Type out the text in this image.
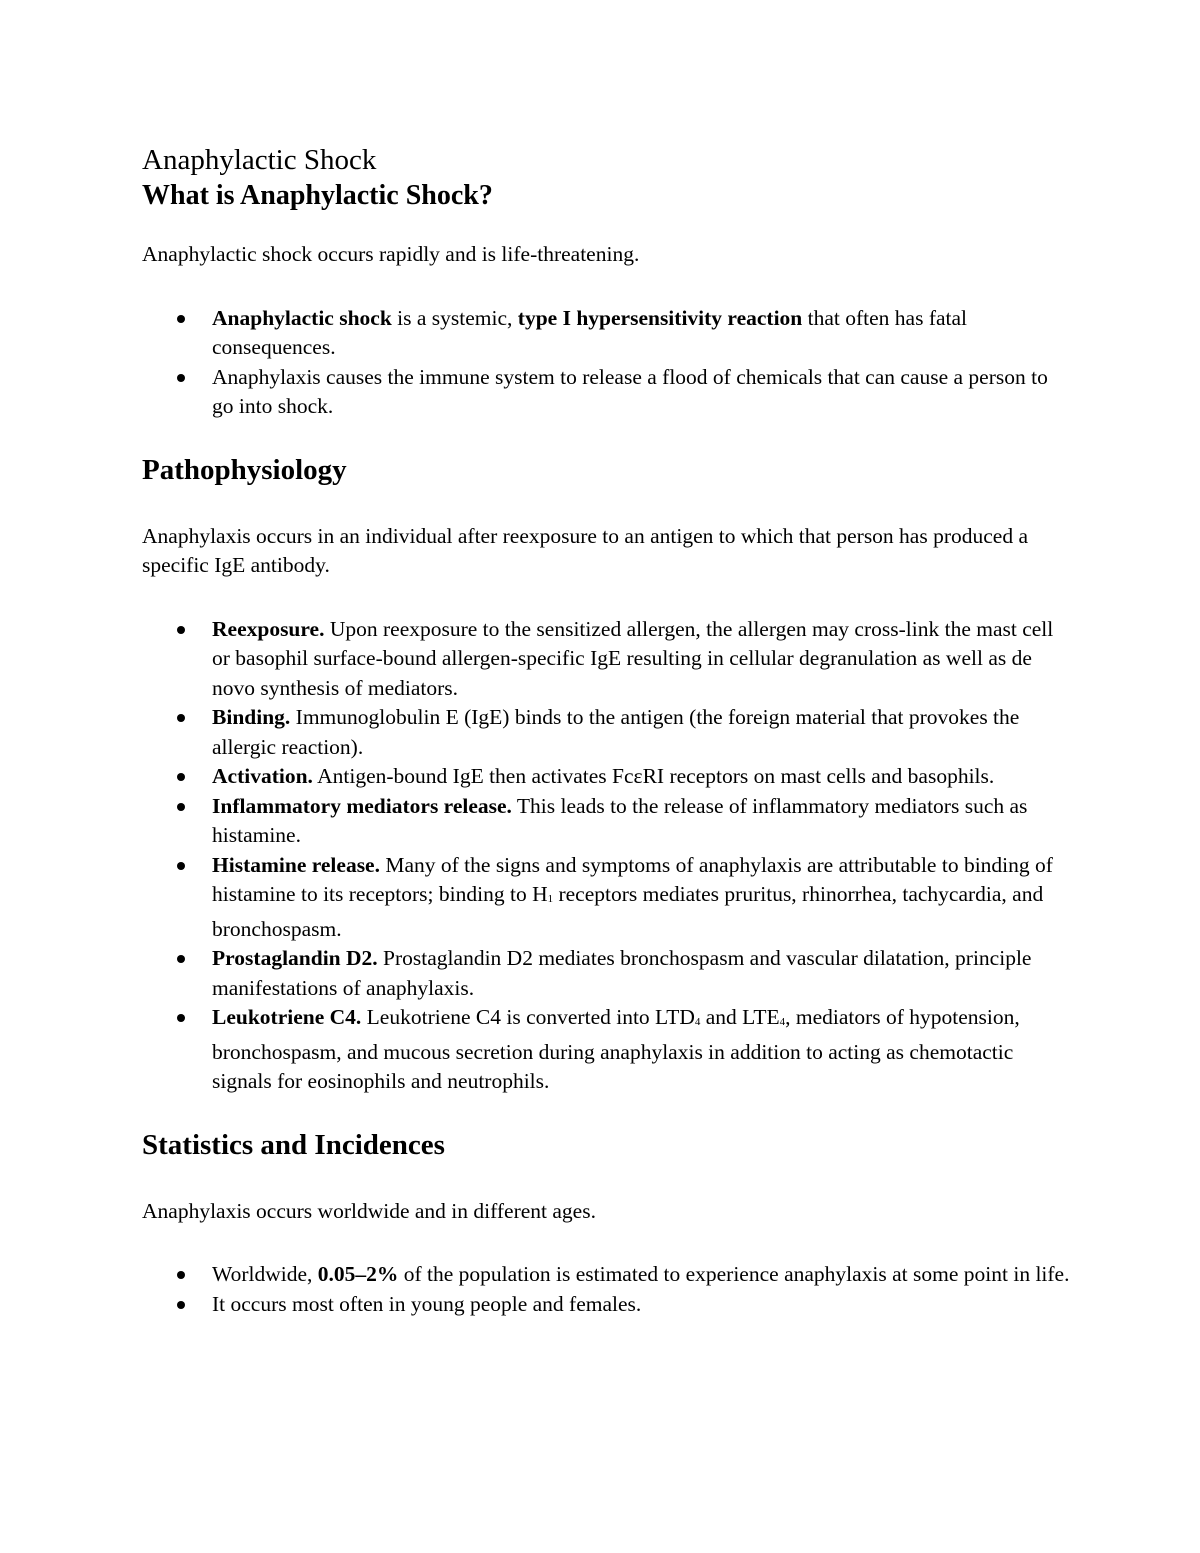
Anaphylactic Shock
What is Anaphylactic Shock?

Anaphylactic shock occurs rapidly and is life-threatening.

Anaphylactic shock is a systemic, type I hypersensitivity reaction that often has fatal consequences.
Anaphylaxis causes the immune system to release a flood of chemicals that can cause a person to go into shock.
Pathophysiology

Anaphylaxis occurs in an individual after reexposure to an antigen to which that person has produced a specific IgE antibody.

Reexposure. Upon reexposure to the sensitized allergen, the allergen may cross-link the mast cell or basophil surface-bound allergen-specific IgE resulting in cellular degranulation as well as de novo synthesis of mediators.
Binding. Immunoglobulin E (IgE) binds to the antigen (the foreign material that provokes the allergic reaction).
Activation. Antigen-bound IgE then activates FcεRI receptors on mast cells and basophils.
Inflammatory mediators release. This leads to the release of inflammatory mediators such as histamine.
Histamine release. Many of the signs and symptoms of anaphylaxis are attributable to binding of histamine to its receptors; binding to $H_1$ receptors mediates pruritus, rhinorrhea, tachycardia, and bronchospasm.
Prostaglandin D2. Prostaglandin D2 mediates bronchospasm and vascular dilatation, principle manifestations of anaphylaxis.
Leukotriene C4. Leukotriene C4 is converted into $LTD_4$ and $LTE_4$, mediators of hypotension, bronchospasm, and mucous secretion during anaphylaxis in addition to acting as chemotactic signals for eosinophils and neutrophils.
Statistics and Incidences

Anaphylaxis occurs worldwide and in different ages.

Worldwide, 0.05–2% of the population is estimated to experience anaphylaxis at some point in life.
It occurs most often in young people and females.
